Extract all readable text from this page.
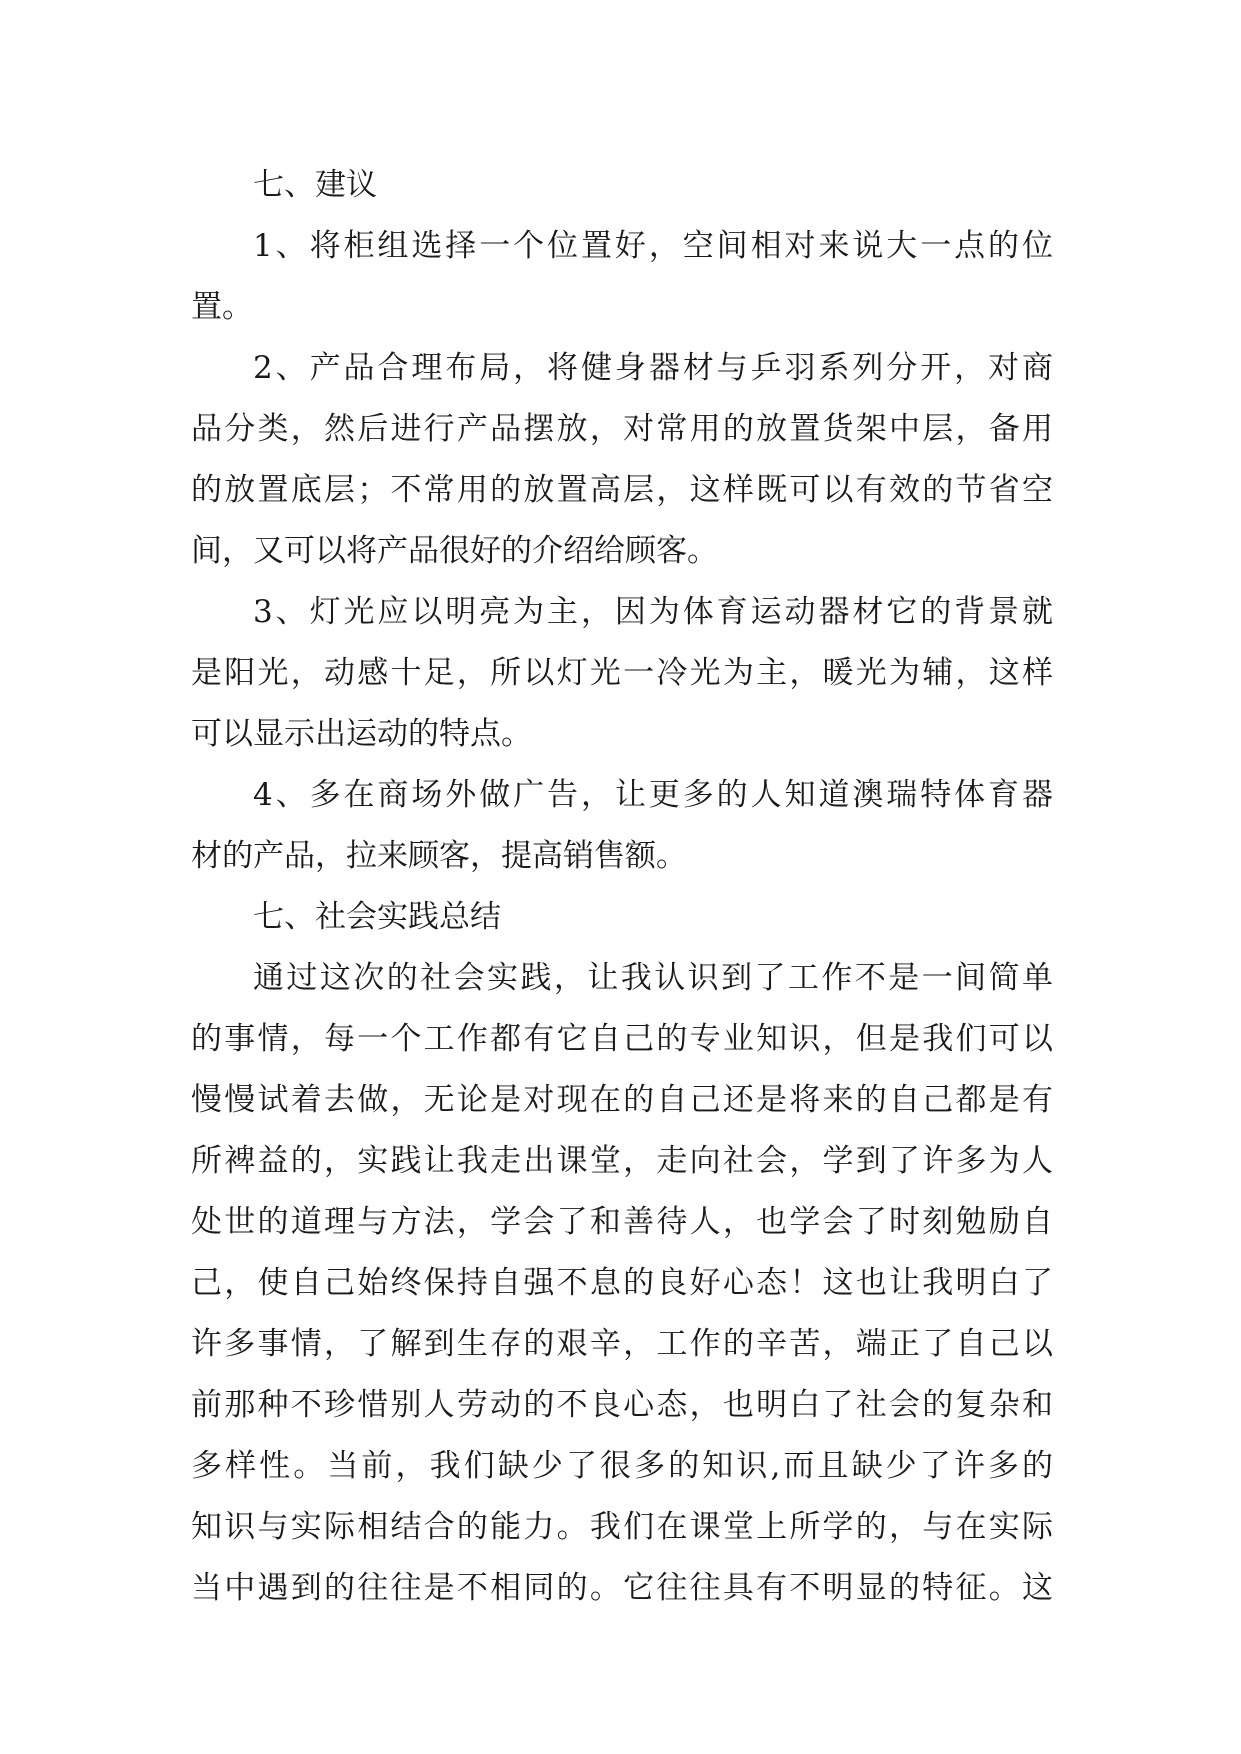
七、建议
1、将柜组选择一个位置好，空间相对来说大一点的位
置。
2、产品合理布局，将健身器材与乒羽系列分开，对商
品分类，然后进行产品摆放，对常用的放置货架中层，备用
的放置底层；不常用的放置高层，这样既可以有效的节省空
间，又可以将产品很好的介绍给顾客。
3、灯光应以明亮为主，因为体育运动器材它的背景就
是阳光，动感十足，所以灯光一冷光为主，暖光为辅，这样
可以显示出运动的特点。
4、多在商场外做广告，让更多的人知道澳瑞特体育器
材的产品，拉来顾客，提高销售额。
七、社会实践总结
通过这次的社会实践，让我认识到了工作不是一间简单
的事情，每一个工作都有它自己的专业知识，但是我们可以
慢慢试着去做，无论是对现在的自己还是将来的自己都是有
所裨益的，实践让我走出课堂，走向社会，学到了许多为人
处世的道理与方法，学会了和善待人，也学会了时刻勉励自
己，使自己始终保持自强不息的良好心态！这也让我明白了
许多事情，了解到生存的艰辛，工作的辛苦，端正了自己以
前那种不珍惜别人劳动的不良心态，也明白了社会的复杂和
多样性。当前，我们缺少了很多的知识,而且缺少了许多的
知识与实际相结合的能力。我们在课堂上所学的，与在实际
当中遇到的往往是不相同的。它往往具有不明显的特征。这
